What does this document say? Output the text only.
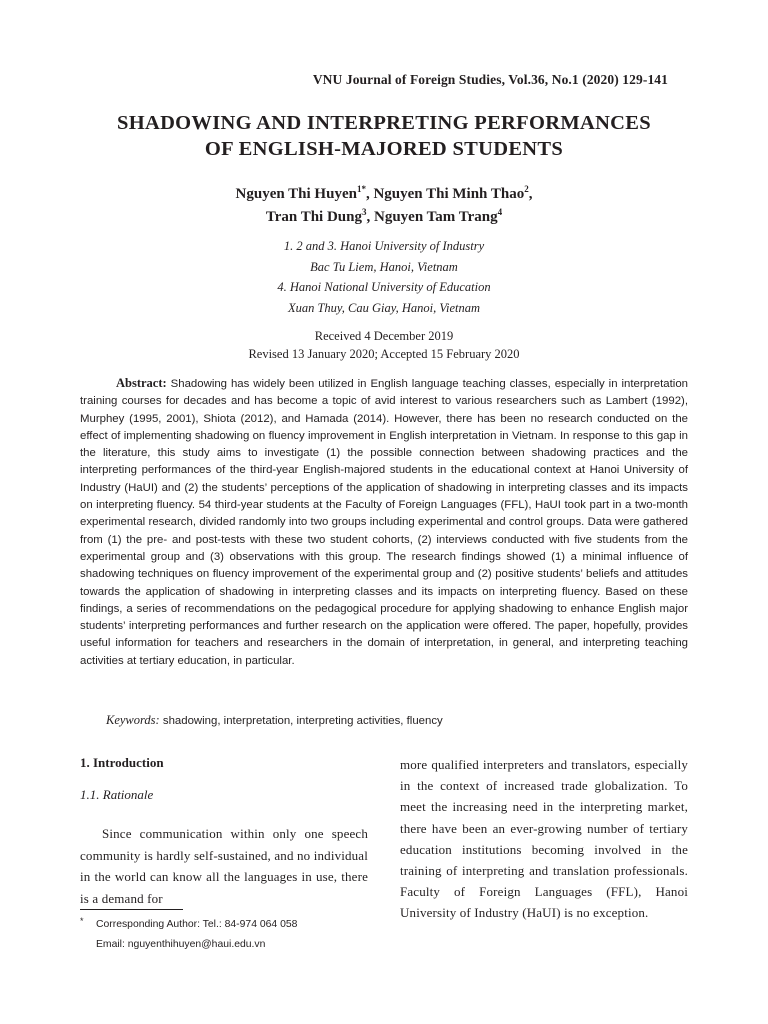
VNU Journal of Foreign Studies, Vol.36, No.1 (2020) 129-141
SHADOWING AND INTERPRETING PERFORMANCES
OF ENGLISH-MAJORED STUDENTS
Nguyen Thi Huyen$^{1*}$, Nguyen Thi Minh Thao$^2$,
Tran Thi Dung$^3$, Nguyen Tam Trang$^4$
1. 2 and 3. Hanoi University of Industry
Bac Tu Liem, Hanoi, Vietnam
4. Hanoi National University of Education
Xuan Thuy, Cau Giay, Hanoi, Vietnam
Received 4 December 2019
Revised 13 January 2020; Accepted 15 February 2020
Abstract: Shadowing has widely been utilized in English language teaching classes, especially in interpretation training courses for decades and has become a topic of avid interest to various researchers such as Lambert (1992), Murphey (1995, 2001), Shiota (2012), and Hamada (2014). However, there has been no research conducted on the effect of implementing shadowing on fluency improvement in English interpretation in Vietnam. In response to this gap in the literature, this study aims to investigate (1) the possible connection between shadowing practices and the interpreting performances of the third-year English-majored students in the educational context at Hanoi University of Industry (HaUI) and (2) the students’ perceptions of the application of shadowing in interpreting classes and its impacts on interpreting fluency. 54 third-year students at the Faculty of Foreign Languages (FFL), HaUI took part in a two-month experimental research, divided randomly into two groups including experimental and control groups. Data were gathered from (1) the pre- and post-tests with these two student cohorts, (2) interviews conducted with five students from the experimental group and (3) observations with this group. The research findings showed (1) a minimal influence of shadowing techniques on fluency improvement of the experimental group and (2) positive students’ beliefs and attitudes towards the application of shadowing in interpreting classes and its impacts on interpreting fluency. Based on these findings, a series of recommendations on the pedagogical procedure for applying shadowing to enhance English major students’ interpreting performances and further research on the application were offered. The paper, hopefully, provides useful information for teachers and researchers in the domain of interpretation, in general, and interpreting teaching activities at tertiary education, in particular.
Keywords: shadowing, interpretation, interpreting activities, fluency
1. Introduction
1.1. Rationale

Since communication within only one speech community is hardly self-sustained, and no individual in the world can know all the languages in use, there is a demand for

more qualified interpreters and translators, especially in the context of increased trade globalization. To meet the increasing need in the interpreting market, there have been an ever-growing number of tertiary education institutions becoming involved in the training of interpreting and translation professionals. Faculty of Foreign Languages (FFL), Hanoi University of Industry (HaUI) is no exception.

* Corresponding Author: Tel.: 84-974 064 058
Email: nguyenthihuyen@haui.edu.vn
